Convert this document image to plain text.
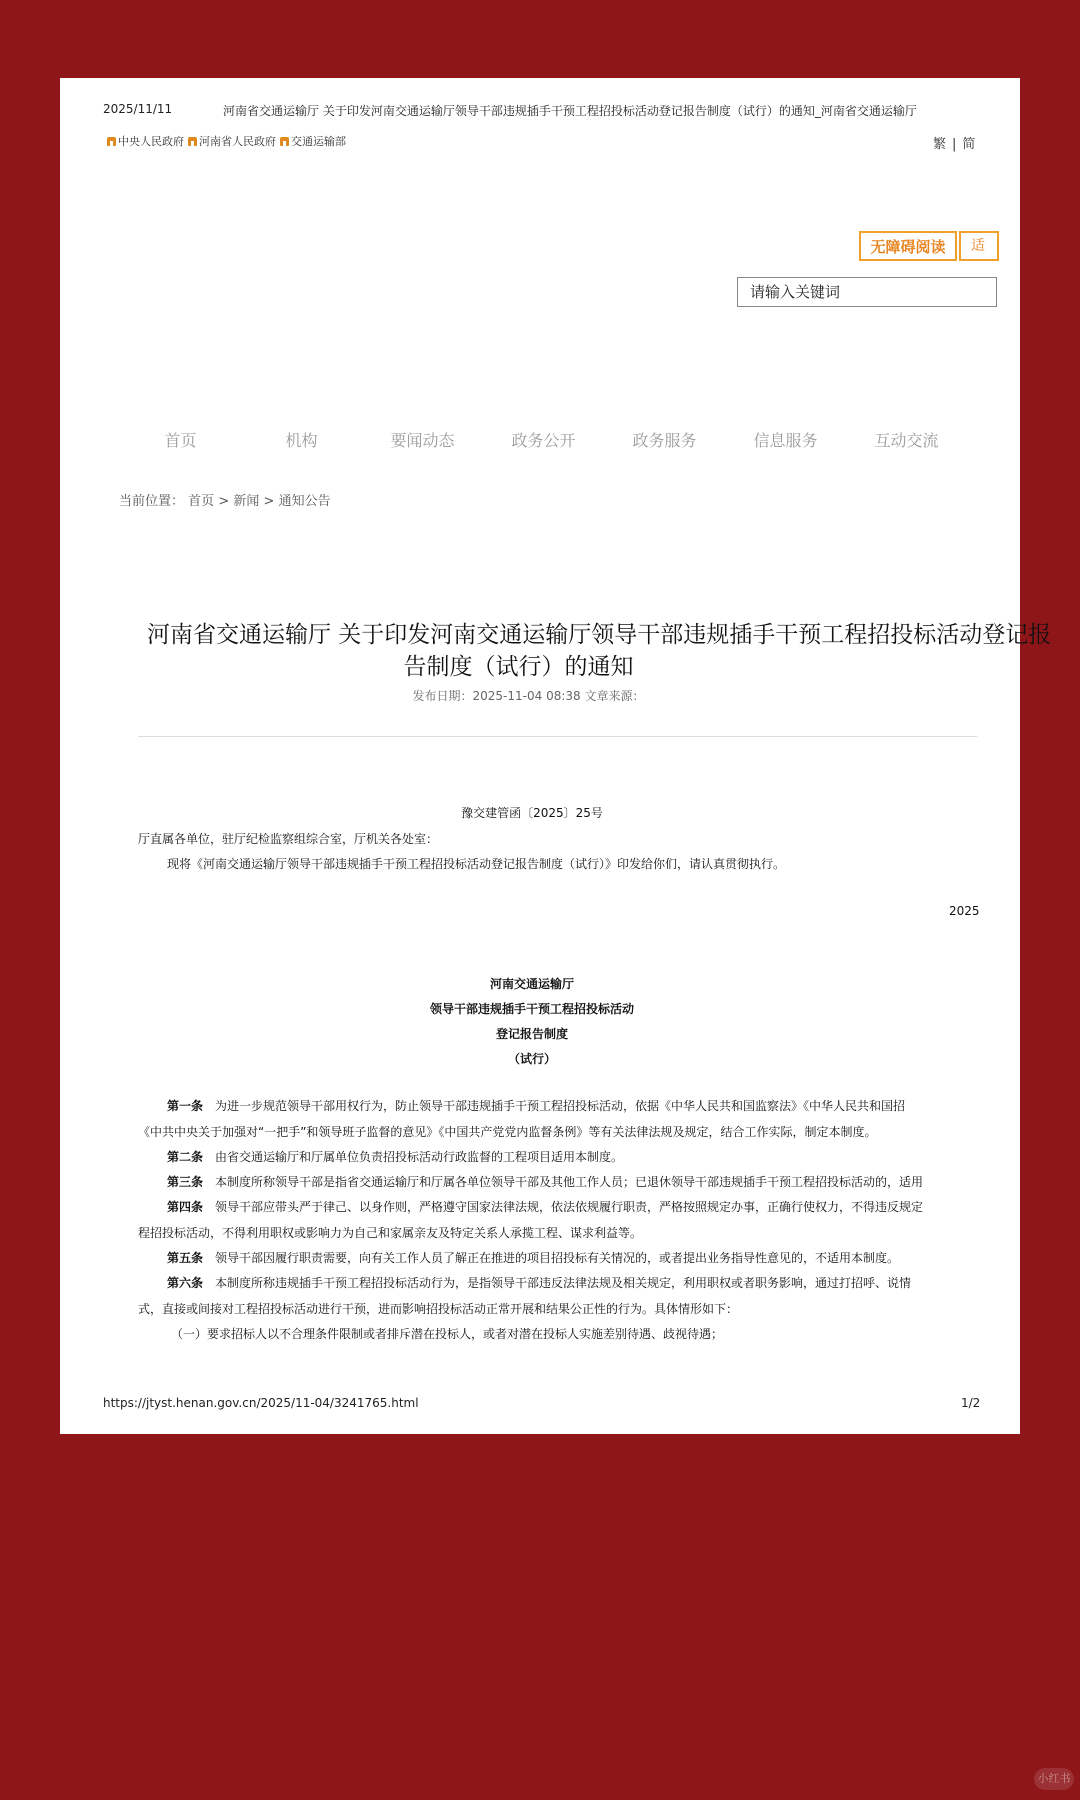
2025/11/11	河南省交通运输厅 关于印发河南交通运输厅领导干部违规插手干预工程招投标活动登记报告制度（试行）的通知_河南省交通运输厅
中央人民政府 河南省人民政府 交通运输部	繁 | 简
无障碍阅读	适
请输入关键词
首页	机构	要闻动态	政务公开	政务服务	信息服务	互动交流
当前位置： 首页 > 新闻 > 通知公告
河南省交通运输厅 关于印发河南交通运输厅领导干部违规插手干预工程招投标活动登记报
告制度（试行）的通知
发布日期：2025-11-04 08:38 文章来源：
豫交建管函〔2025〕25号
厅直属各单位，驻厅纪检监察组综合室，厅机关各处室：
现将《河南交通运输厅领导干部违规插手干预工程招投标活动登记报告制度（试行）》印发给你们，请认真贯彻执行。
2025
河南交通运输厅
领导干部违规插手干预工程招投标活动
登记报告制度
（试行）
第一条 为进一步规范领导干部用权行为，防止领导干部违规插手干预工程招投标活动，依据《中华人民共和国监察法》《中华人民共和国招
《中共中央关于加强对“一把手”和领导班子监督的意见》《中国共产党党内监督条例》等有关法律法规及规定，结合工作实际，制定本制度。
第二条 由省交通运输厅和厅属单位负责招投标活动行政监督的工程项目适用本制度。
第三条 本制度所称领导干部是指省交通运输厅和厅属各单位领导干部及其他工作人员；已退休领导干部违规插手干预工程招投标活动的，适用
第四条 领导干部应带头严于律己、以身作则，严格遵守国家法律法规，依法依规履行职责，严格按照规定办事，正确行使权力，不得违反规定
程招投标活动，不得利用职权或影响力为自己和家属亲友及特定关系人承揽工程、谋求利益等。
第五条 领导干部因履行职责需要，向有关工作人员了解正在推进的项目招投标有关情况的，或者提出业务指导性意见的，不适用本制度。
第六条 本制度所称违规插手干预工程招投标活动行为，是指领导干部违反法律法规及相关规定，利用职权或者职务影响，通过打招呼、说情
式，直接或间接对工程招投标活动进行干预，进而影响招投标活动正常开展和结果公正性的行为。具体情形如下：
（一）要求招标人以不合理条件限制或者排斥潜在投标人，或者对潜在投标人实施差别待遇、歧视待遇；
https://jtyst.henan.gov.cn/2025/11-04/3241765.html	1/2
小红书
